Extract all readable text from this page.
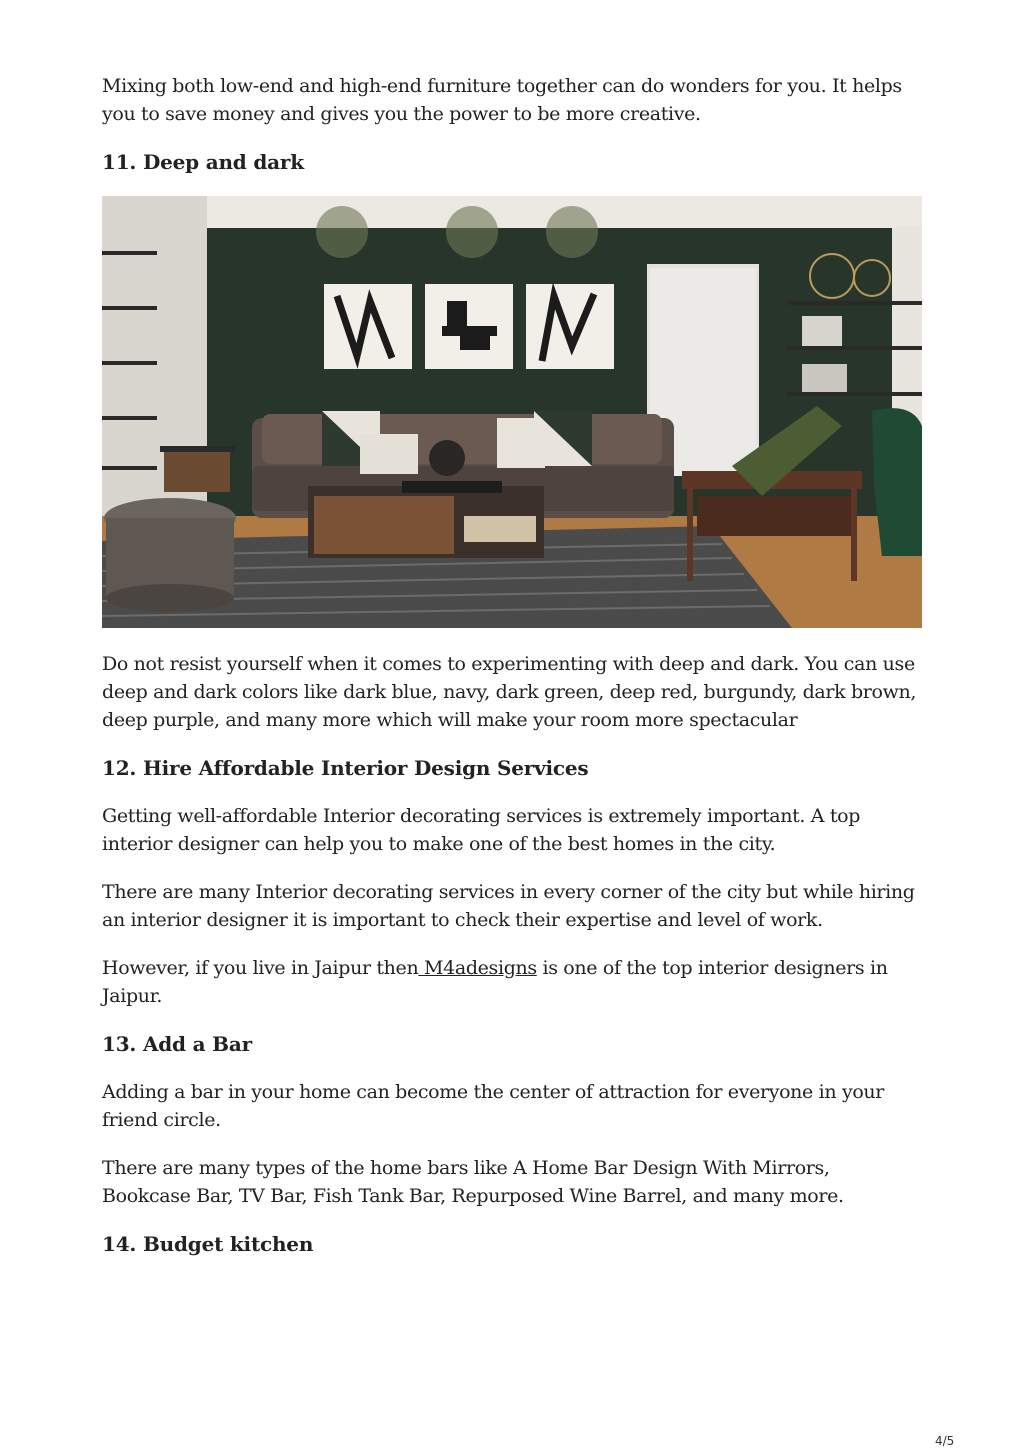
Mixing both low-end and high-end furniture together can do wonders for you. It helps you to save money and gives you the power to be more creative.

11. Deep and dark

Do not resist yourself when it comes to experimenting with deep and dark. You can use deep and dark colors like dark blue, navy, dark green, deep red, burgundy, dark brown, deep purple, and many more which will make your room more spectacular

12. Hire Affordable Interior Design Services

Getting well-affordable Interior decorating services is extremely important. A top interior designer can help you to make one of the best homes in the city.

There are many Interior decorating services in every corner of the city but while hiring an interior designer it is important to check their expertise and level of work.

However, if you live in Jaipur then M4adesigns is one of the top interior designers in Jaipur.

13. Add a Bar

Adding a bar in your home can become the center of attraction for everyone in your friend circle.

There are many types of the home bars like A Home Bar Design With Mirrors, Bookcase Bar, TV Bar, Fish Tank Bar, Repurposed Wine Barrel, and many more.

14. Budget kitchen
4/5
